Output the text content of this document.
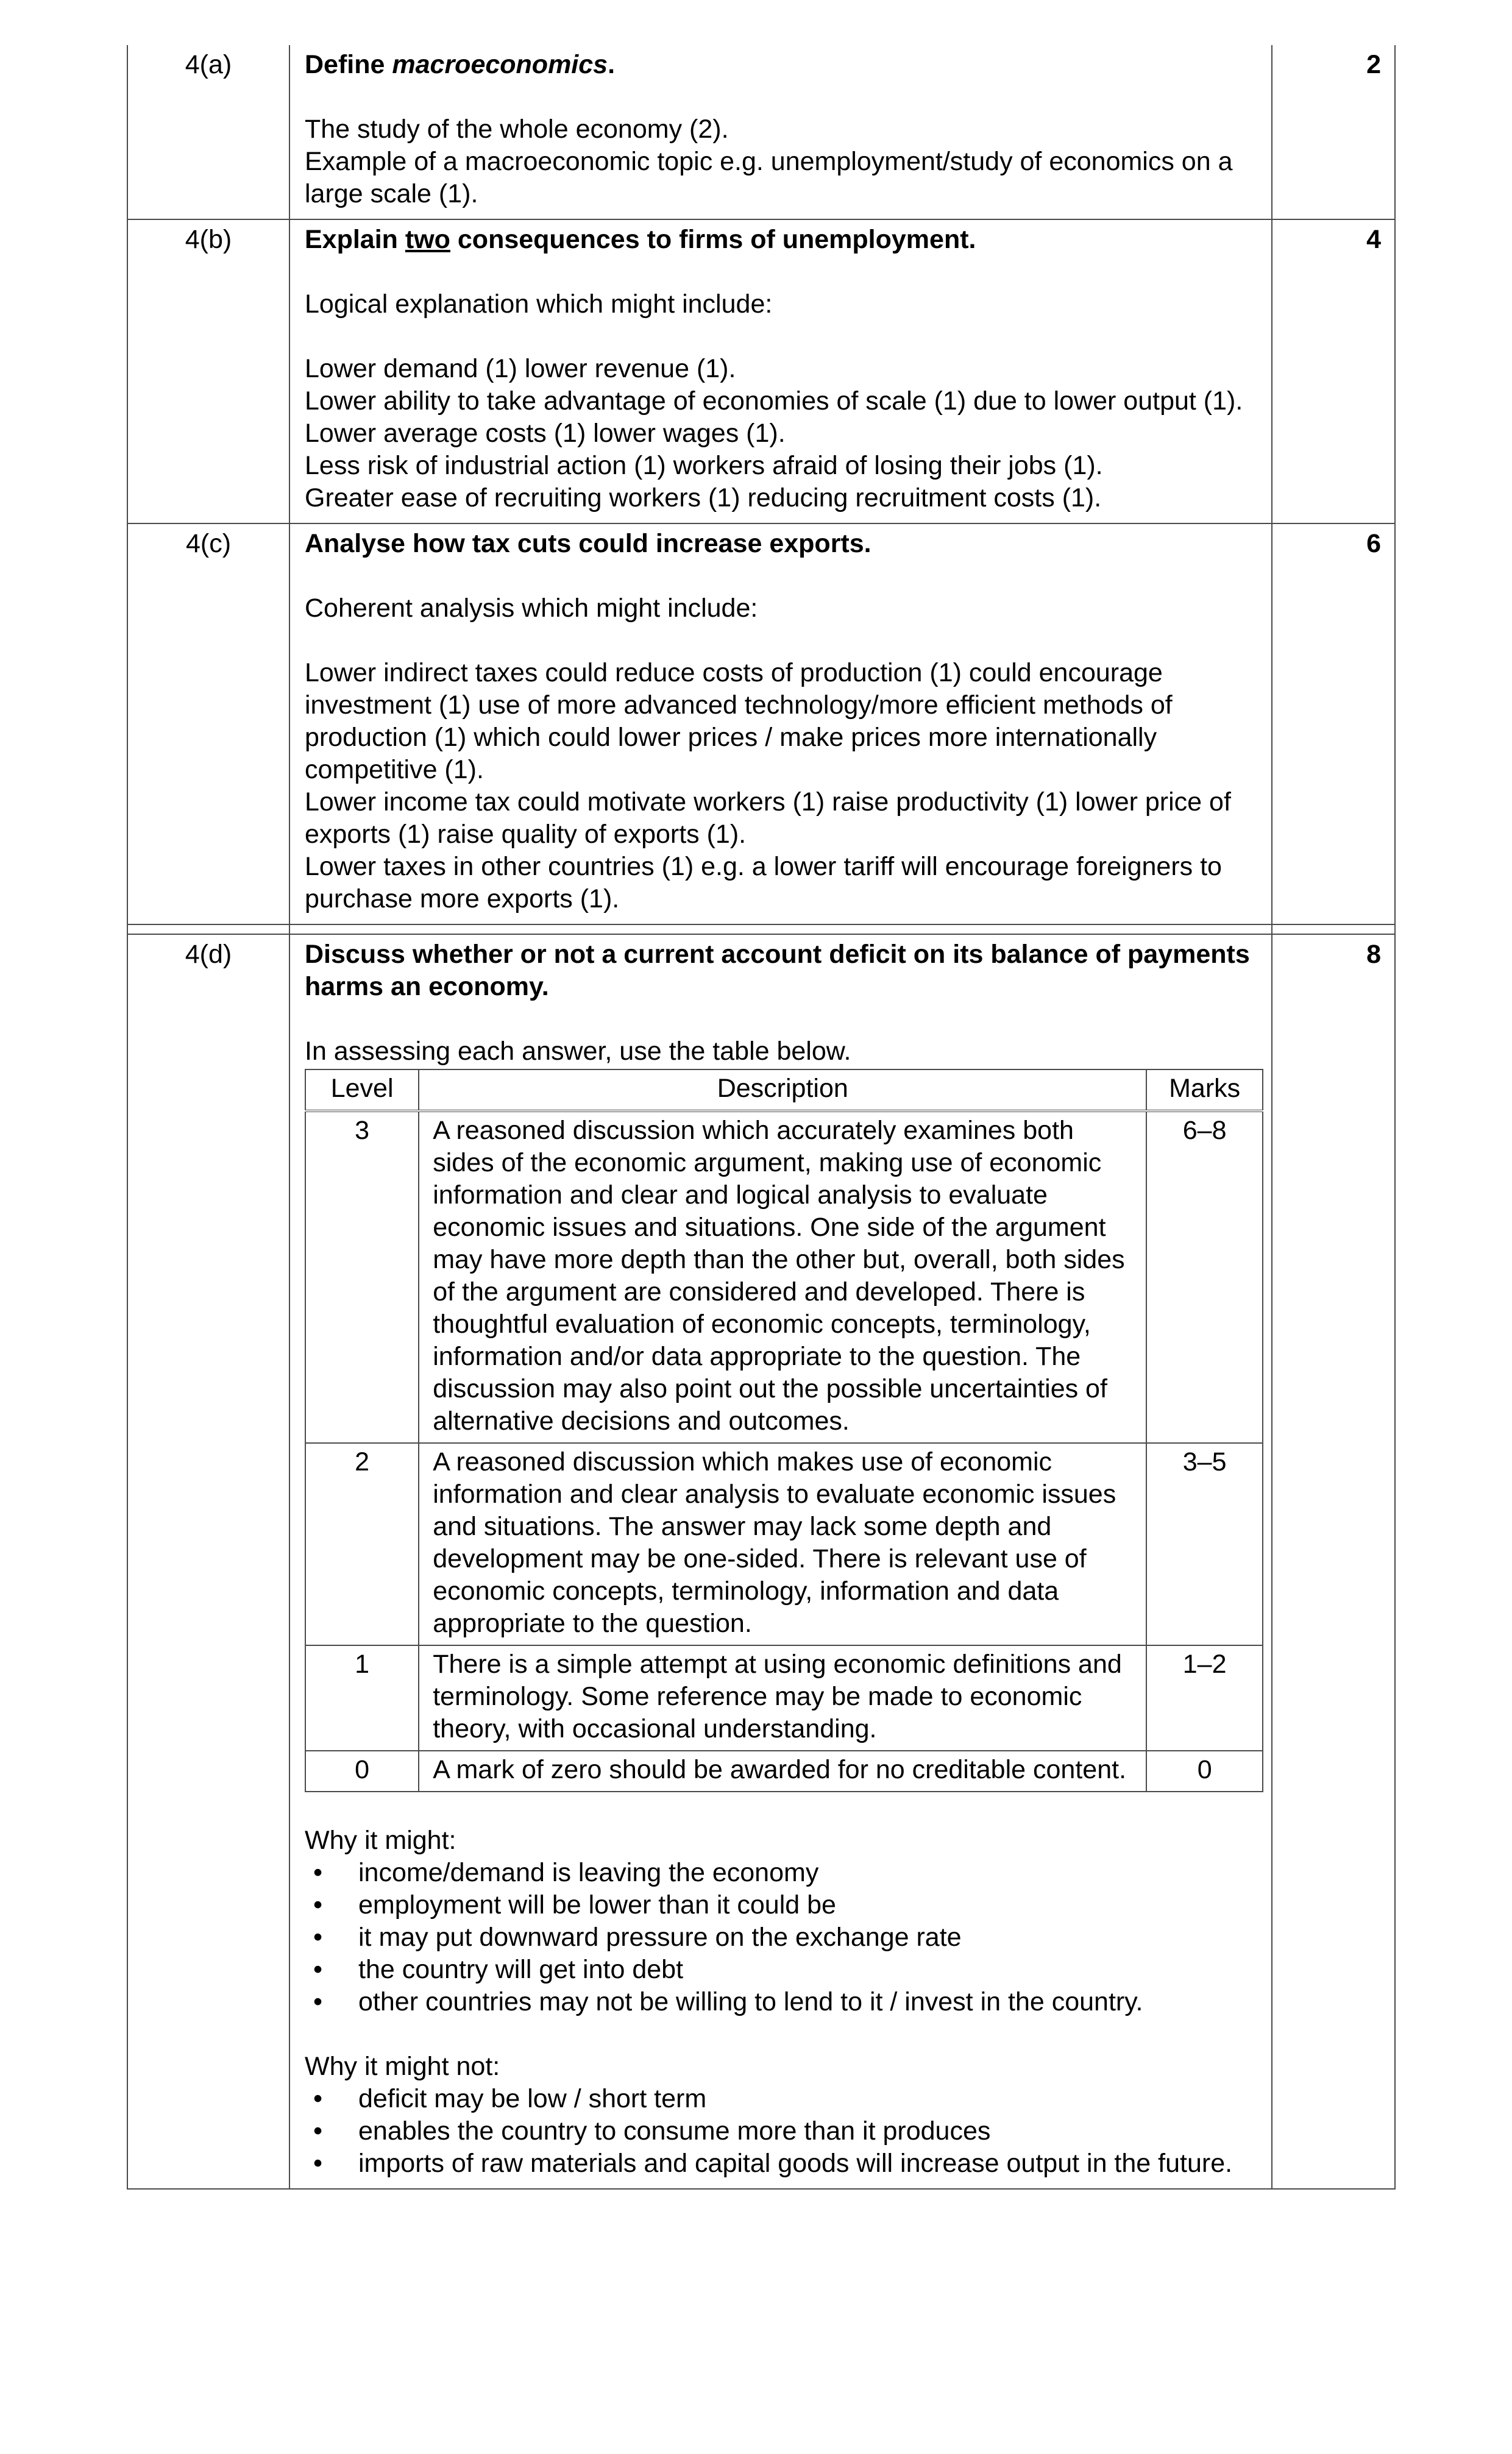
4(a)	Define macroeconomics.

The study of the whole economy (2).

Example of a macroeconomic topic e.g. unemployment/study of economics on a large scale (1).

	2
4(b)	Explain two consequences to firms of unemployment.

Logical explanation which might include:

Lower demand (1) lower revenue (1).

Lower ability to take advantage of economies of scale (1) due to lower output (1).

Lower average costs (1) lower wages (1).

Less risk of industrial action (1) workers afraid of losing their jobs (1).

Greater ease of recruiting workers (1) reducing recruitment costs (1).

	4
4(c)	Analyse how tax cuts could increase exports.

Coherent analysis which might include:

Lower indirect taxes could reduce costs of production (1) could encourage investment (1) use of more advanced technology/more efficient methods of production (1) which could lower prices / make prices more internationally competitive (1).

Lower income tax could motivate workers (1) raise productivity (1) lower price of exports (1) raise quality of exports (1).

Lower taxes in other countries (1) e.g. a lower tariff will encourage foreigners to purchase more exports (1).

	6

4(d)	Discuss whether or not a current account deficit on its balance of payments harms an economy.

In assessing each answer, use the table below.

Level	Description	Marks
3	A reasoned discussion which accurately examines both sides of the economic argument, making use of economic information and clear and logical analysis to evaluate economic issues and situations. One side of the argument may have more depth than the other but, overall, both sides of the argument are considered and developed. There is thoughtful evaluation of economic concepts, terminology, information and/or data appropriate to the question. The discussion may also point out the possible uncertainties of alternative decisions and outcomes.	6–8
2	A reasoned discussion which makes use of economic information and clear analysis to evaluate economic issues and situations. The answer may lack some depth and development may be one-sided. There is relevant use of economic concepts, terminology, information and data appropriate to the question.	3–5
1	There is a simple attempt at using economic definitions and terminology. Some reference may be made to economic theory, with occasional understanding.	1–2
0	A mark of zero should be awarded for no creditable content.	0

Why it might:

• income/demand is leaving the economy
• employment will be lower than it could be
• it may put downward pressure on the exchange rate
• the country will get into debt
• other countries may not be willing to lend to it / invest in the country.

Why it might not:

• deficit may be low / short term
• enables the country to consume more than it produces
• imports of raw materials and capital goods will increase output in the future.
	8
